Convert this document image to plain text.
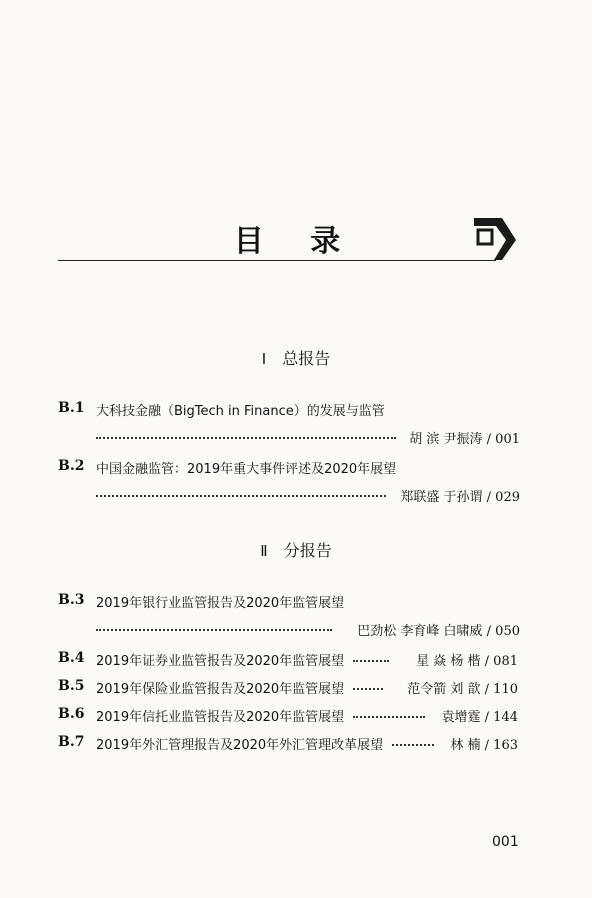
目 录
Ⅰ 总报告
B.1 大科技金融（BigTech in Finance）的发展与监管
胡 滨 尹振涛 / 001
B.2 中国金融监管：2019年重大事件评述及2020年展望
郑联盛 于孙谓 / 029
Ⅱ 分报告
B.3 2019年银行业监管报告及2020年监管展望
巴劲松 李育峰 白啸威 / 050
B.4 2019年证券业监管报告及2020年监管展望	星 焱 杨 楷 / 081
B.5 2019年保险业监管报告及2020年监管展望	范令箭 刘 歆 / 110
B.6 2019年信托业监管报告及2020年监管展望	袁增霆 / 144
B.7 2019年外汇管理报告及2020年外汇管理改革展望	林 楠 / 163
001
